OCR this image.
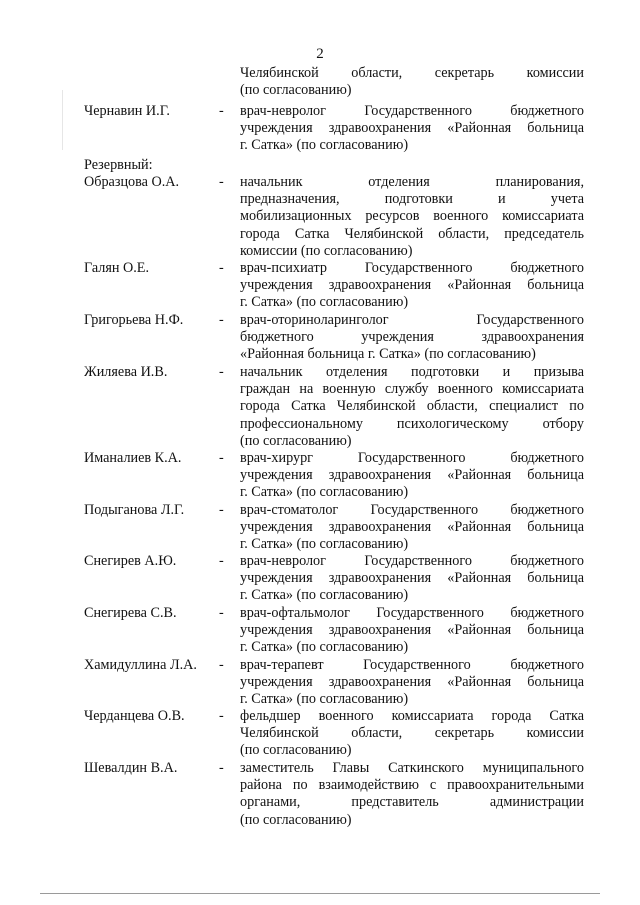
2
Челябинской области, секретарь комиссии
(по согласованию)
Чернавин И.Г.	- врач-невролог Государственного бюджетного
учреждения здравоохранения «Районная больница
г. Сатка» (по согласованию)
Резервный:
Образцова О.А.	- начальник отделения планирования,
предназначения, подготовки и учета
мобилизационных ресурсов военного комиссариата
города Сатка Челябинской области, председатель
комиссии (по согласованию)
Галян О.Е.	- врач-психиатр Государственного бюджетного
учреждения здравоохранения «Районная больница
г. Сатка» (по согласованию)
Григорьева Н.Ф.	- врач-оториноларинголог Государственного
бюджетного учреждения здравоохранения
«Районная больница г. Сатка» (по согласованию)
Жиляева И.В.	- начальник отделения подготовки и призыва
граждан на военную службу военного комиссариата
города Сатка Челябинской области, специалист по
профессиональному психологическому отбору
(по согласованию)
Иманалиев К.А.	- врач-хирург Государственного бюджетного
учреждения здравоохранения «Районная больница
г. Сатка» (по согласованию)
Подыганова Л.Г. - врач-стоматолог Государственного бюджетного
учреждения здравоохранения «Районная больница
г. Сатка» (по согласованию)
Снегирев А.Ю.	- врач-невролог Государственного бюджетного
учреждения здравоохранения «Районная больница
г. Сатка» (по согласованию)
Снегирева С.В.	- врач-офтальмолог Государственного бюджетного
учреждения здравоохранения «Районная больница
г. Сатка» (по согласованию)
Хамидуллина Л.А. - врач-терапевт Государственного бюджетного
учреждения здравоохранения «Районная больница
г. Сатка» (по согласованию)
Черданцева О.В. - фельдшер военного комиссариата города Сатка
Челябинской области, секретарь комиссии
(по согласованию)
Шевалдин В.А.	- заместитель Главы Саткинского муниципального
района по взаимодействию с правоохранительными
органами, представитель администрации
(по согласованию)
